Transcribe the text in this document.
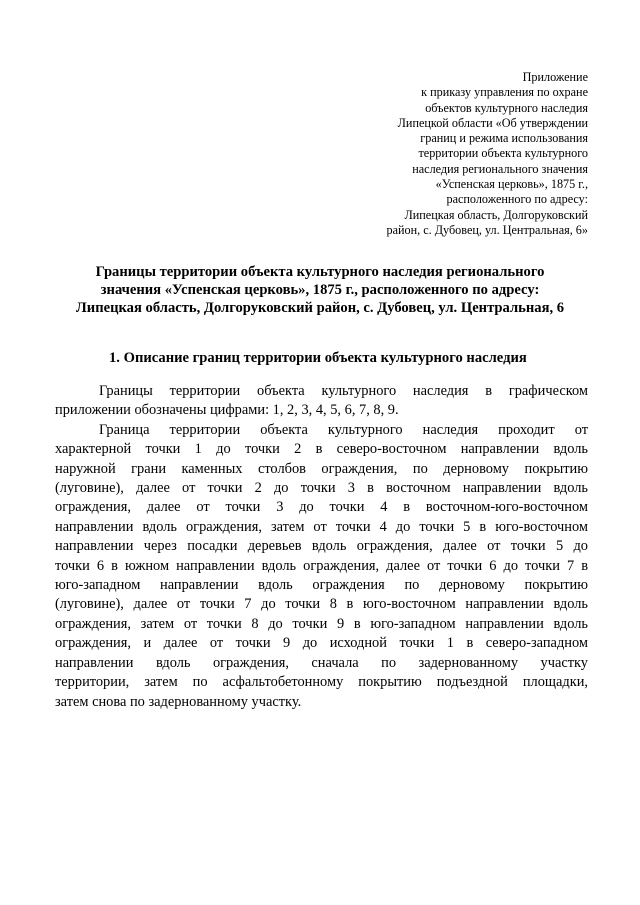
Приложение
к приказу управления по охране
объектов культурного наследия
Липецкой области «Об утверждении
границ и режима использования
территории объекта культурного
наследия регионального значения
«Успенская церковь», 1875 г.,
расположенного по адресу:
Липецкая область, Долгоруковский
район, с. Дубовец, ул. Центральная, 6»
Границы территории объекта культурного наследия регионального
значения «Успенская церковь», 1875 г., расположенного по адресу:
Липецкая область, Долгоруковский район, с. Дубовец, ул. Центральная, 6
1. Описание границ территории объекта культурного наследия
Границы территории объекта культурного наследия в графическом
приложении обозначены цифрами: 1, 2, 3, 4, 5, 6, 7, 8, 9.
Граница территории объекта культурного наследия проходит от
характерной точки 1 до точки 2 в северо-восточном направлении вдоль
наружной грани каменных столбов ограждения, по дерновому покрытию
(луговине), далее от точки 2 до точки 3 в восточном направлении вдоль
ограждения, далее от точки 3 до точки 4 в восточном-юго-восточном
направлении вдоль ограждения, затем от точки 4 до точки 5 в юго-восточном
направлении через посадки деревьев вдоль ограждения, далее от точки 5 до
точки 6 в южном направлении вдоль ограждения, далее от точки 6 до точки 7 в
юго-западном направлении вдоль ограждения по дерновому покрытию
(луговине), далее от точки 7 до точки 8 в юго-восточном направлении вдоль
ограждения, затем от точки 8 до точки 9 в юго-западном направлении вдоль
ограждения, и далее от точки 9 до исходной точки 1 в северо-западном
направлении вдоль ограждения, сначала по задернованному участку
территории, затем по асфальтобетонному покрытию подъездной площадки,
затем снова по задернованному участку.
